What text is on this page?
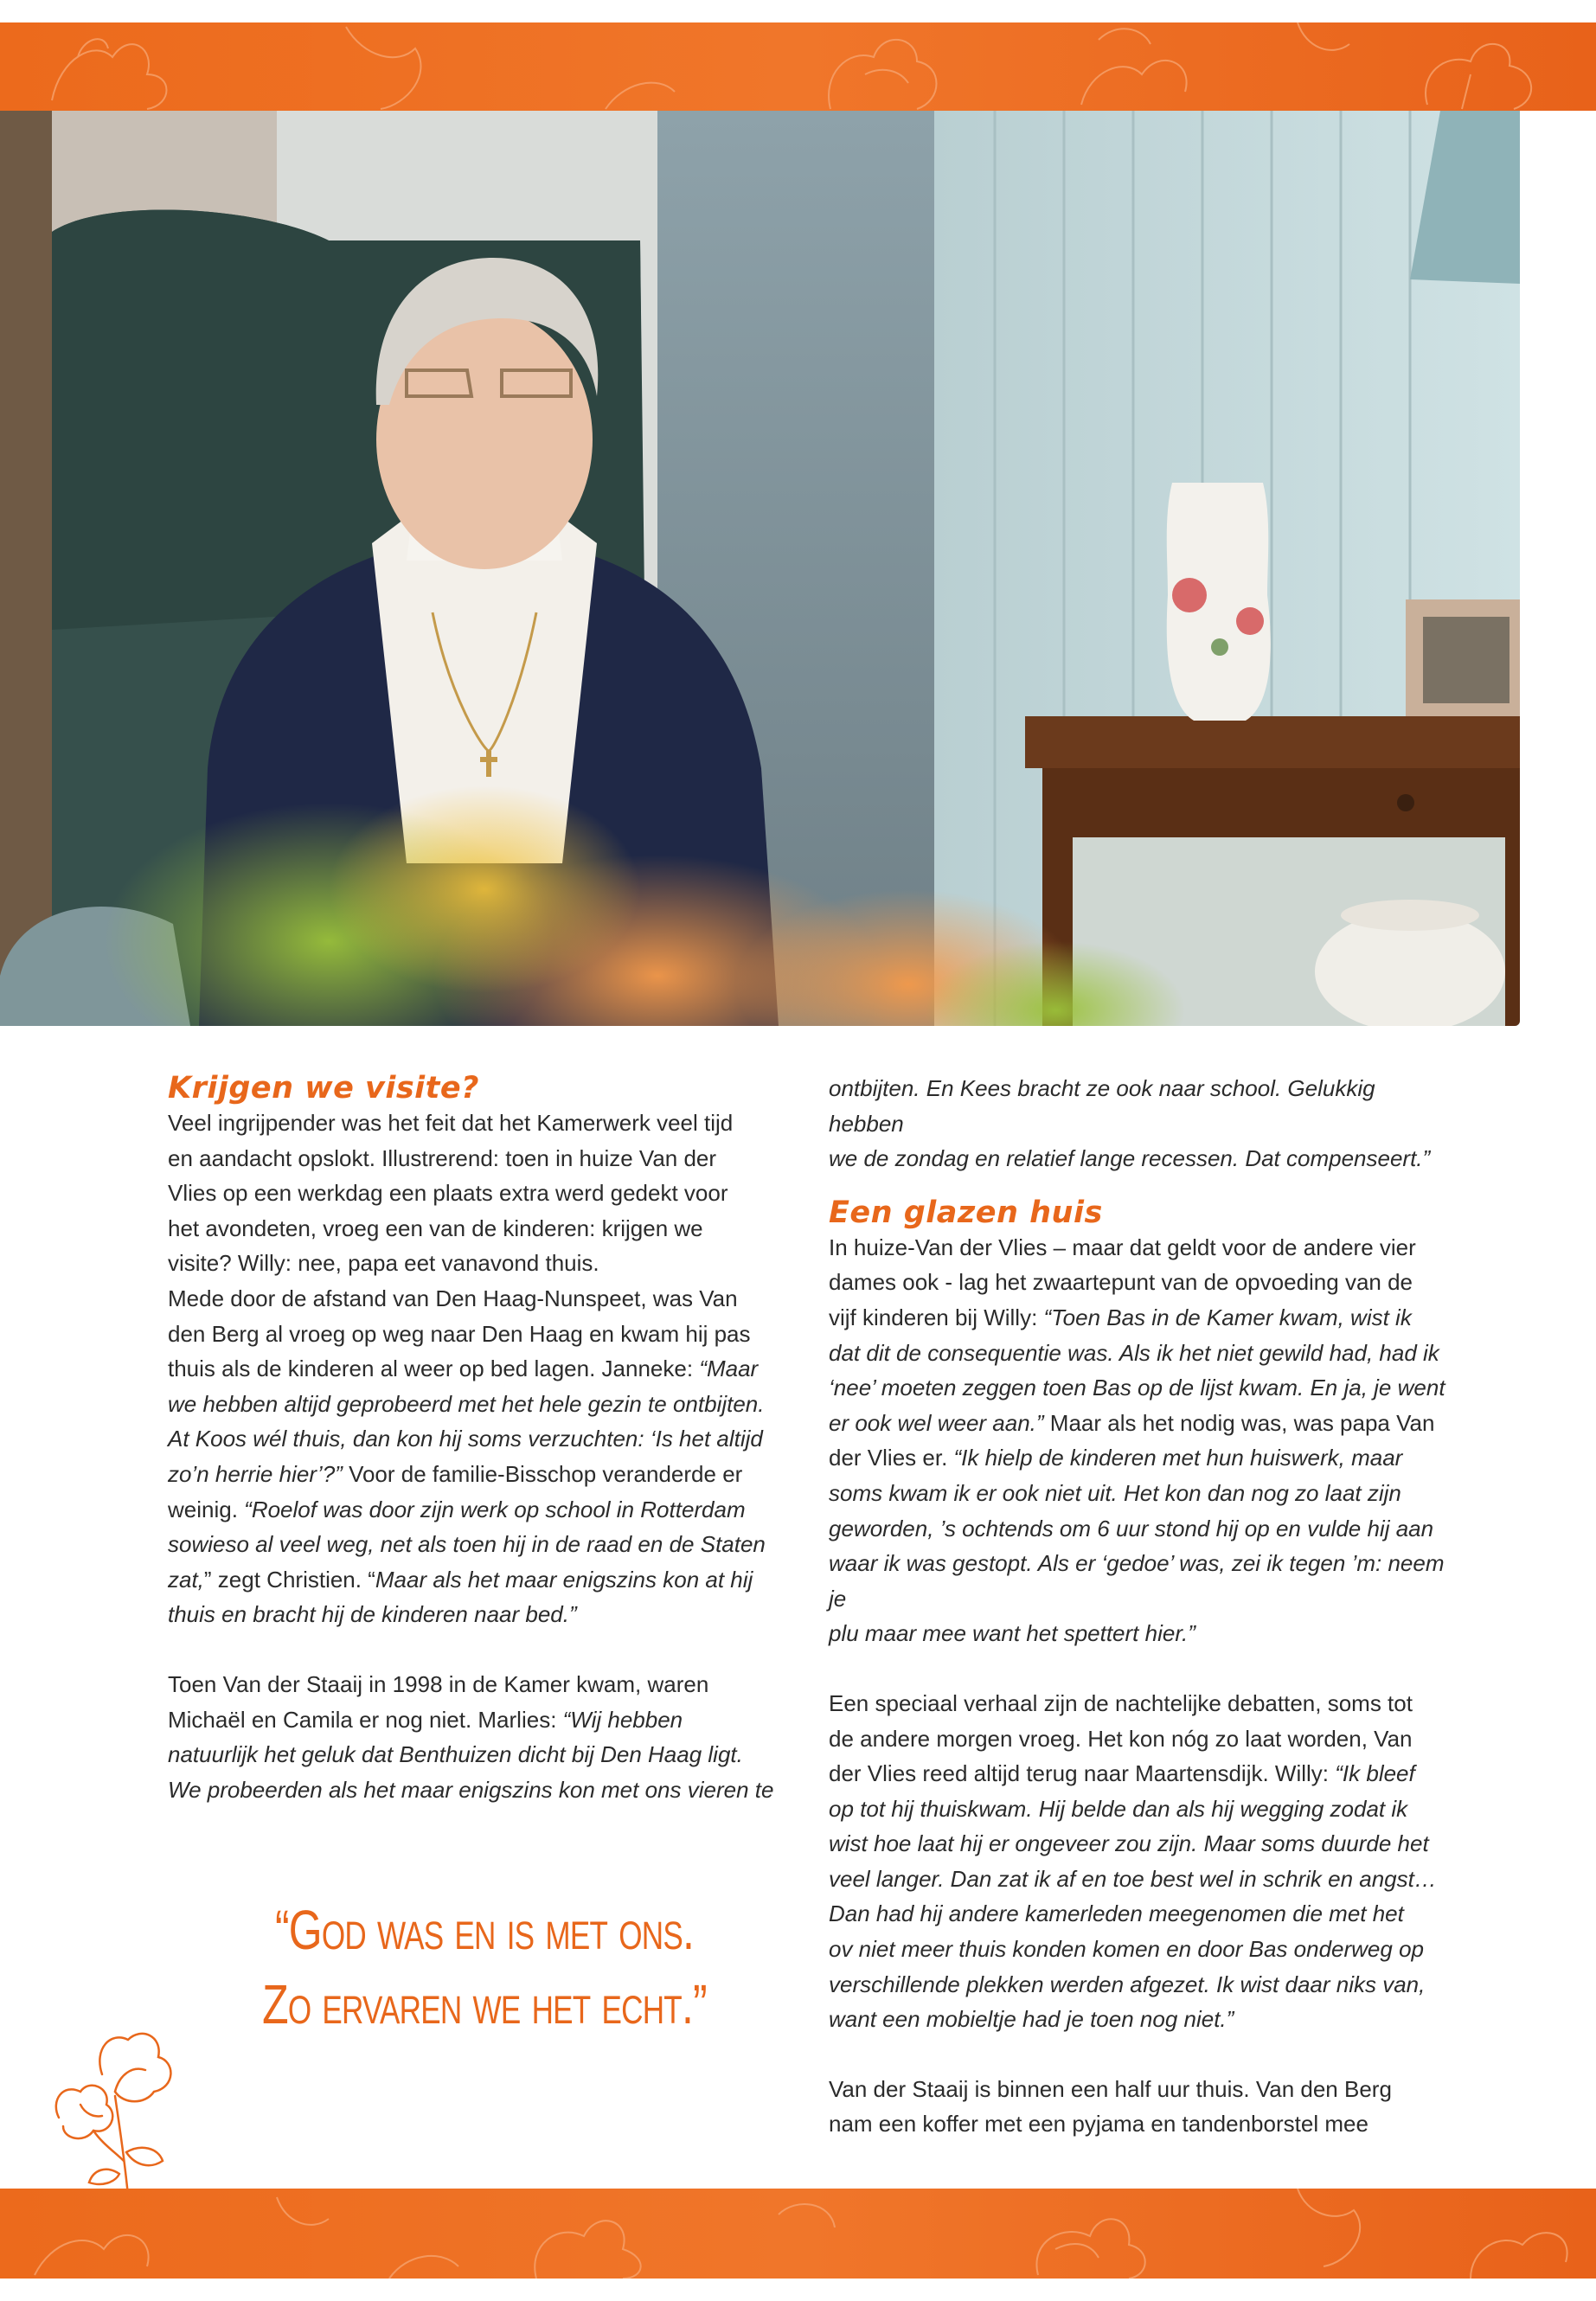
Krijgen we visite?

Veel ingrijpender was het feit dat het Kamerwerk veel tijd
en aandacht opslokt. Illustrerend: toen in huize Van der
Vlies op een werkdag een plaats extra werd gedekt voor
het avondeten, vroeg een van de kinderen: krijgen we
visite? Willy: nee, papa eet vanavond thuis.

Mede door de afstand van Den Haag-Nunspeet, was Van
den Berg al vroeg op weg naar Den Haag en kwam hij pas
thuis als de kinderen al weer op bed lagen. Janneke: “Maar
we hebben altijd geprobeerd met het hele gezin te ontbijten.
At Koos wél thuis, dan kon hij soms verzuchten: ‘Is het altijd
zo’n herrie hier’?” Voor de familie-Bisschop veranderde er
weinig. “Roelof was door zijn werk op school in Rotterdam
sowieso al veel weg, net als toen hij in de raad en de Staten
zat,” zegt Christien. “Maar als het maar enigszins kon at hij
thuis en bracht hij de kinderen naar bed.”

Toen Van der Staaij in 1998 in de Kamer kwam, waren
Michaël en Camila er nog niet. Marlies: “Wij hebben
natuurlijk het geluk dat Benthuizen dicht bij Den Haag ligt.
We probeerden als het maar enigszins kon met ons vieren te

ontbijten. En Kees bracht ze ook naar school. Gelukkig hebben
we de zondag en relatief lange recessen. Dat compenseert.”

Een glazen huis

In huize-Van der Vlies – maar dat geldt voor de andere vier
dames ook - lag het zwaartepunt van de opvoeding van de
vijf kinderen bij Willy: “Toen Bas in de Kamer kwam, wist ik
dat dit de consequentie was. Als ik het niet gewild had, had ik
‘nee’ moeten zeggen toen Bas op de lijst kwam. En ja, je went
er ook wel weer aan.” Maar als het nodig was, was papa Van
der Vlies er. “Ik hielp de kinderen met hun huiswerk, maar
soms kwam ik er ook niet uit. Het kon dan nog zo laat zijn
geworden, ’s ochtends om 6 uur stond hij op en vulde hij aan
waar ik was gestopt. Als er ‘gedoe’ was, zei ik tegen ’m: neem je
plu maar mee want het spettert hier.”

Een speciaal verhaal zijn de nachtelijke debatten, soms tot
de andere morgen vroeg. Het kon nóg zo laat worden, Van
der Vlies reed altijd terug naar Maartensdijk. Willy: “Ik bleef
op tot hij thuiskwam. Hij belde dan als hij wegging zodat ik
wist hoe laat hij er ongeveer zou zijn. Maar soms duurde het
veel langer. Dan zat ik af en toe best wel in schrik en angst…
Dan had hij andere kamerleden meegenomen die met het
ov niet meer thuis konden komen en door Bas onderweg op
verschillende plekken werden afgezet. Ik wist daar niks van,
want een mobieltje had je toen nog niet.”

Van der Staaij is binnen een half uur thuis. Van den Berg
nam een koffer met een pyjama en tandenborstel mee

“God was en is met ons.
Zo ervaren we het echt.”
